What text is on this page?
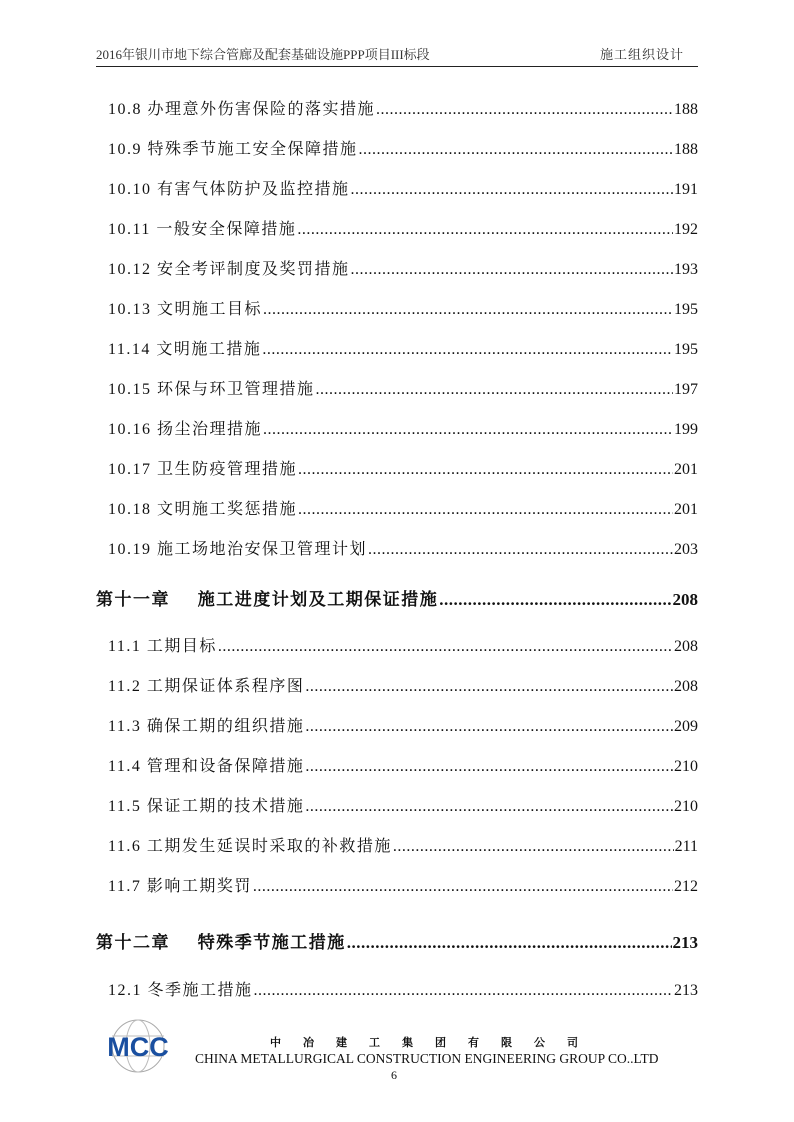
2016年银川市地下综合管廊及配套基础设施PPP项目III标段	施工组织设计
10.8 办理意外伤害保险的落实措施 .....	188
10.9 特殊季节施工安全保障措施 .....	188
10.10 有害气体防护及监控措施 .....	191
10.11 一般安全保障措施 .....	192
10.12 安全考评制度及奖罚措施 .....	193
10.13 文明施工目标 .....	195
11.14 文明施工措施 .....	195
10.15 环保与环卫管理措施 .....	197
10.16 扬尘治理措施 .....	199
10.17 卫生防疫管理措施 .....	201
10.18 文明施工奖惩措施 .....	201
10.19 施工场地治安保卫管理计划 .....	203
第十一章 施工进度计划及工期保证措施 .....	208
11.1 工期目标 .....	208
11.2 工期保证体系程序图 .....	208
11.3 确保工期的组织措施 .....	209
11.4 管理和设备保障措施 .....	210
11.5 保证工期的技术措施 .....	210
11.6 工期发生延误时采取的补救措施 .....	211
11.7 影响工期奖罚 .....	212
第十二章 特殊季节施工措施 .....	213
12.1 冬季施工措施 .....	213
MCC	中冶建工集团有限公司
CHINA METALLURGICAL CONSTRUCTION ENGINEERING GROUP CO..LTD
6
